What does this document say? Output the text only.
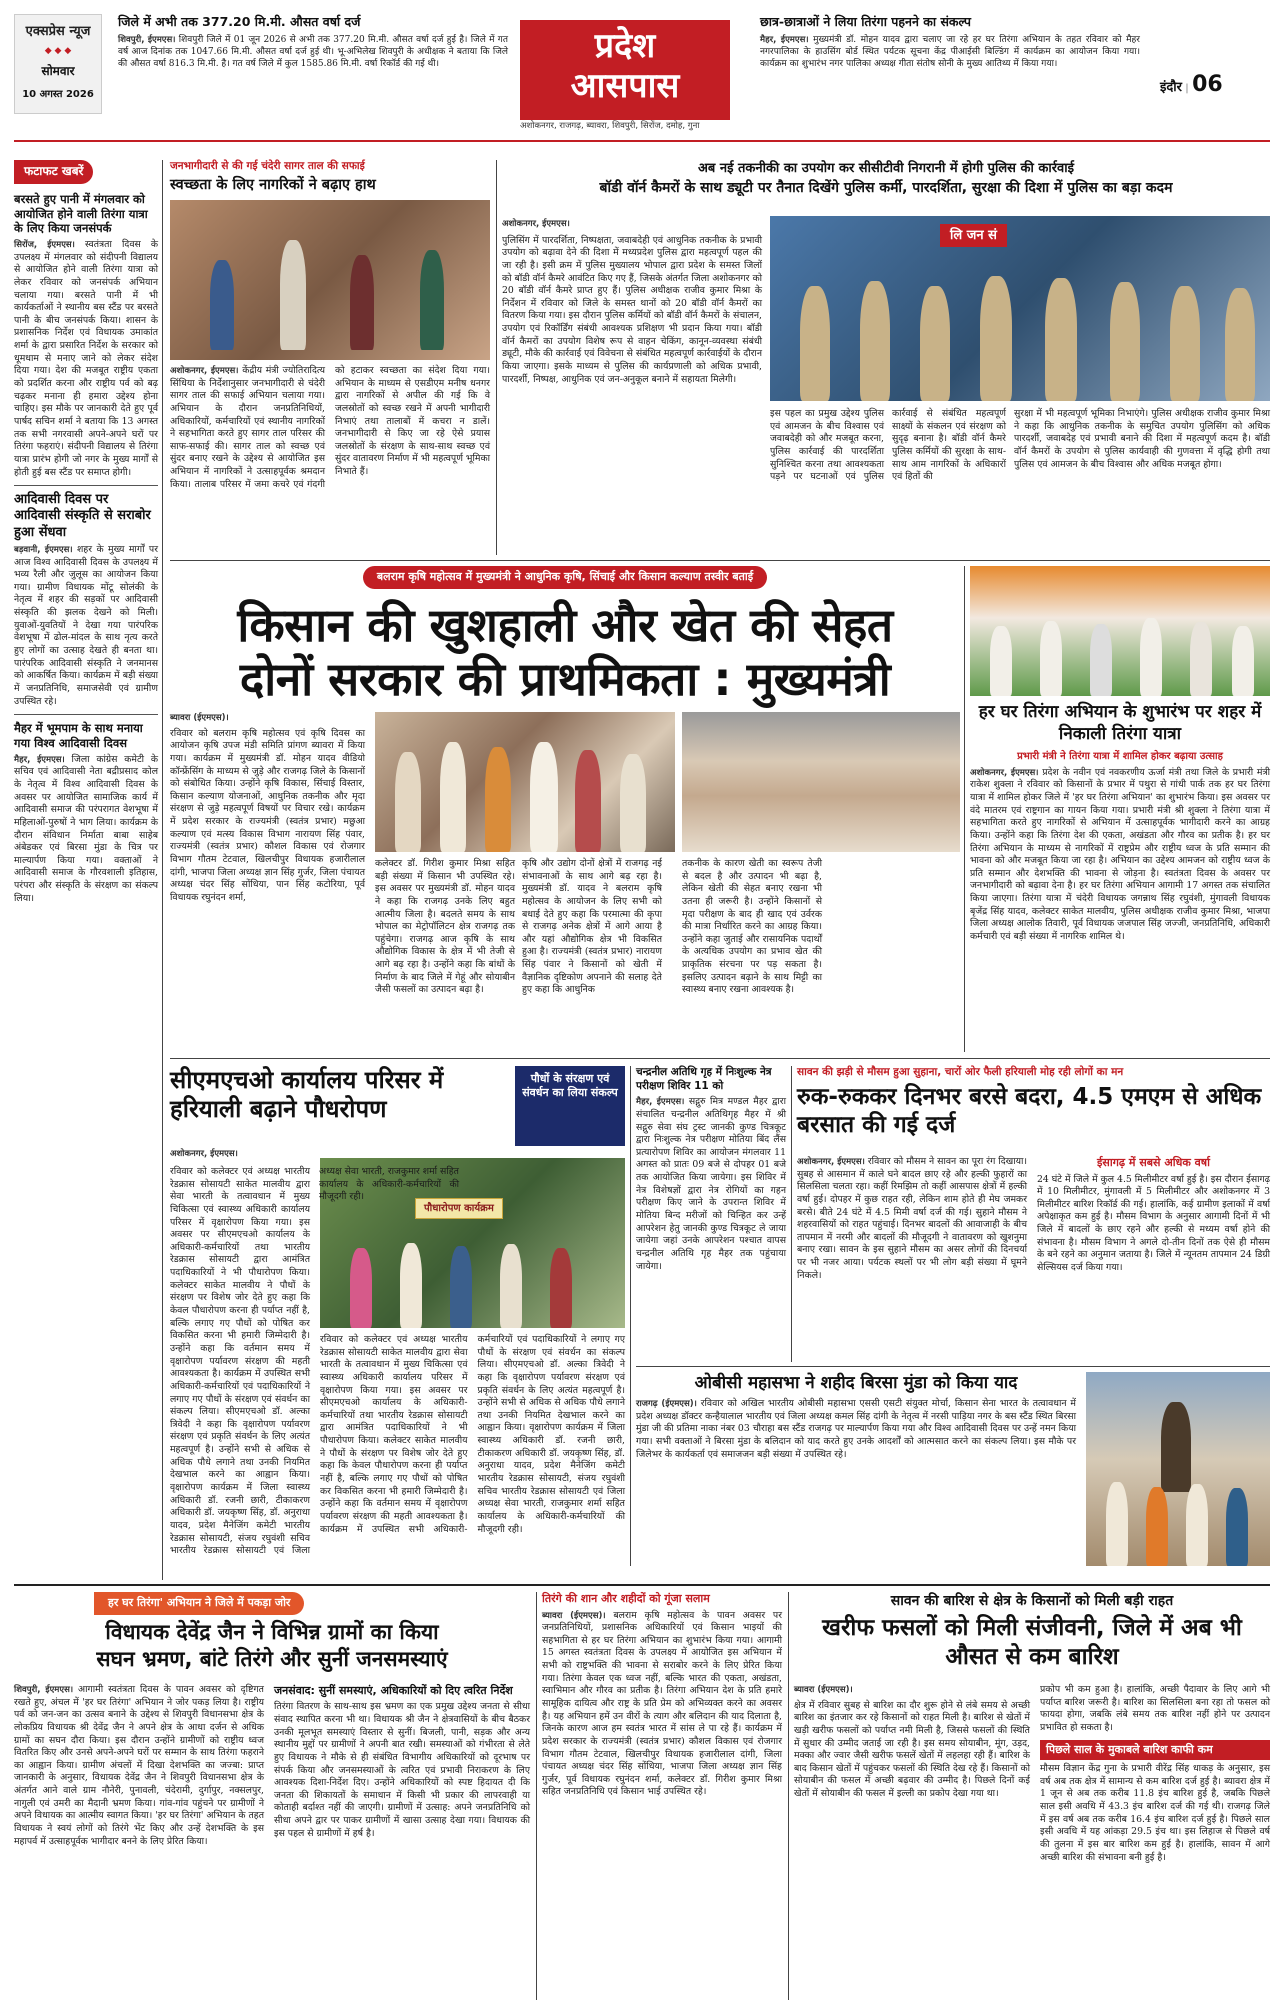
एक्सप्रेस न्यूज
◆ ◆ ◆
सोमवार
10 अगस्त 2026
जिले में अभी तक 377.20 मि.मी. औसत वर्षा दर्ज
शिवपुरी, ईएमएस। शिवपुरी जिले में 01 जून 2026 से अभी तक 377.20 मि.मी. औसत वर्षा दर्ज हुई है। जिले में गत वर्ष आज दिनांक तक 1047.66 मि.मी. औसत वर्षा दर्ज हुई थी। भू-अभिलेख शिवपुरी के अधीक्षक ने बताया कि जिले की औसत वर्षा 816.3 मि.मी. है। गत वर्ष जिले में कुल 1585.86 मि.मी. वर्षा रिकॉर्ड की गई थी।	प्रदेश
आसपास
अशोकनगर, राजगढ़, ब्यावरा, शिवपुरी, सिरोंज, दमोह, गुना
छात्र-छात्राओं ने लिया तिरंगा पहनने का संकल्प
मैहर, ईएमएस। मुख्यमंत्री डॉ. मोहन यादव द्वारा चलाए जा रहे हर घर तिरंगा अभियान के तहत रविवार को मैहर नगरपालिका के हाउसिंग बोर्ड स्थित पर्यटक सूचना केंद्र पीआईसी बिल्डिंग में कार्यक्रम का आयोजन किया गया। कार्यक्रम का शुभारंभ नगर पालिका अध्यक्ष गीता संतोष सोनी के मुख्य आतिथ्य में किया गया।
इंदौर | 06
फटाफट खबरें
बरसते हुए पानी में मंगलवार को आयोजित होने वाली तिरंगा यात्रा के लिए किया जनसंपर्क
सिरोंज, ईएमएस। स्वतंत्रता दिवस के उपलक्ष्य में मंगलवार को संदीपनी विद्यालय से आयोजित होने वाली तिरंगा यात्रा को लेकर रविवार को जनसंपर्क अभियान चलाया गया। बरसते पानी में भी कार्यकर्ताओं ने स्थानीय बस स्टैंड पर बरसते पानी के बीच जनसंपर्क किया। शासन के प्रशासनिक निर्देश एवं विधायक उमाकांत शर्मा के द्वारा प्रसारित निर्देश के सरकार को धूमधाम से मनाए जाने को लेकर संदेश दिया गया। देश की मजबूत राष्ट्रीय एकता को प्रदर्शित करना और राष्ट्रीय पर्व को बढ़ चढ़कर मनाना ही हमारा उद्देश्य होना चाहिए। इस मौके पर जानकारी देते हुए पूर्व पार्षद सचिन शर्मा ने बताया कि 13 अगस्त तक सभी नगरवासी अपने-अपने घरों पर तिरंगा फहराएं। संदीपनी विद्यालय से तिरंगा यात्रा प्रारंभ होगी जो नगर के मुख्य मार्गों से होती हुई बस स्टैंड पर समाप्त होगी।
आदिवासी दिवस पर आदिवासी संस्कृति से सराबोर हुआ सेंधवा
बड़वानी, ईएमएस। शहर के मुख्य मार्गों पर आज विश्व आदिवासी दिवस के उपलक्ष्य में भव्य रैली और जुलूस का आयोजन किया गया। ग्रामीण विधायक मोंटू सोलंकी के नेतृत्व में शहर की सड़कों पर आदिवासी संस्कृति की झलक देखने को मिली। युवाओं-युवतियों ने देखा गया पारंपरिक वेशभूषा में ढोल-मांदल के साथ नृत्य करते हुए लोगों का उत्साह देखते ही बनता था। पारंपरिक आदिवासी संस्कृति ने जनमानस को आकर्षित किया। कार्यक्रम में बड़ी संख्या में जनप्रतिनिधि, समाजसेवी एवं ग्रामीण उपस्थित रहे।
मैहर में भूमपाम के साथ मनाया गया विश्व आदिवासी दिवस
मैहर, ईएमएस। जिला कांग्रेस कमेटी के सचिव एवं आदिवासी नेता बद्रीप्रसाद कोल के नेतृत्व में विश्व आदिवासी दिवस के अवसर पर आयोजित सामाजिक कार्य में आदिवासी समाज की परंपरागत वेशभूषा में महिलाओं-पुरुषों ने भाग लिया। कार्यक्रम के दौरान संविधान निर्माता बाबा साहेब अंबेडकर एवं बिरसा मुंडा के चित्र पर माल्यार्पण किया गया। वक्ताओं ने आदिवासी समाज के गौरवशाली इतिहास, परंपरा और संस्कृति के संरक्षण का संकल्प लिया।
जनभागीदारी से की गई चंदेरी सागर ताल की सफाई
स्वच्छता के लिए नागरिकों ने बढ़ाए हाथ
अशोकनगर, ईएमएस। केंद्रीय मंत्री ज्योतिरादित्य सिंधिया के निर्देशानुसार जनभागीदारी से चंदेरी सागर ताल की सफाई अभियान चलाया गया। अभियान के दौरान जनप्रतिनिधियों, अधिकारियों, कर्मचारियों एवं स्थानीय नागरिकों ने सहभागिता करते हुए सागर ताल परिसर की साफ-सफाई की। सागर ताल को स्वच्छ एवं सुंदर बनाए रखने के उद्देश्य से आयोजित इस अभियान में नागरिकों ने उत्साहपूर्वक श्रमदान किया। तालाब परिसर में जमा कचरे एवं गंदगी को हटाकर स्वच्छता का संदेश दिया गया। अभियान के माध्यम से एसडीएम मनीष धनगर द्वारा नागरिकों से अपील की गई कि वे जलस्रोतों को स्वच्छ रखने में अपनी भागीदारी निभाएं तथा तालाबों में कचरा न डालें। जनभागीदारी से किए जा रहे ऐसे प्रयास जलस्रोतों के संरक्षण के साथ-साथ स्वच्छ एवं सुंदर वातावरण निर्माण में भी महत्वपूर्ण भूमिका निभाते हैं।
अब नई तकनीकी का उपयोग कर सीसीटीवी निगरानी में होगी पुलिस की कार्रवाई
बॉडी वॉर्न कैमरों के साथ ड्यूटी पर तैनात दिखेंगे पुलिस कर्मी, पारदर्शिता, सुरक्षा की दिशा में पुलिस का बड़ा कदम
अशोकनगर, ईएमएस।
पुलिसिंग में पारदर्शिता, निष्पक्षता, जवाबदेही एवं आधुनिक तकनीक के प्रभावी उपयोग को बढ़ावा देने की दिशा में मध्यप्रदेश पुलिस द्वारा महत्वपूर्ण पहल की जा रही है। इसी क्रम में पुलिस मुख्यालय भोपाल द्वारा प्रदेश के समस्त जिलों को बॉडी वॉर्न कैमरे आवंटित किए गए हैं, जिसके अंतर्गत जिला अशोकनगर को 20 बॉडी वॉर्न कैमरे प्राप्त हुए हैं। पुलिस अधीक्षक राजीव कुमार मिश्रा के निर्देशन में रविवार को जिले के समस्त थानों को 20 बॉडी वॉर्न कैमरों का वितरण किया गया। इस दौरान पुलिस कर्मियों को बॉडी वॉर्न कैमरों के संचालन, उपयोग एवं रिकॉर्डिंग संबंधी आवश्यक प्रशिक्षण भी प्रदान किया गया। बॉडी वॉर्न कैमरों का उपयोग विशेष रूप से वाहन चेकिंग, कानून-व्यवस्था संबंधी ड्यूटी, मौके की कार्रवाई एवं विवेचना से संबंधित महत्वपूर्ण कार्रवाईयों के दौरान किया जाएगा। इसके माध्यम से पुलिस की कार्यप्रणाली को अधिक प्रभावी, पारदर्शी, निष्पक्ष, आधुनिक एवं जन-अनुकूल बनाने में सहायता मिलेगी।
लि जन सं
इस पहल का प्रमुख उद्देश्य पुलिस एवं आमजन के बीच विश्वास एवं जवाबदेही को और मजबूत करना, पुलिस कार्रवाई की पारदर्शिता सुनिश्चित करना तथा आवश्यकता पड़ने पर घटनाओं एवं पुलिस कार्रवाई से संबंधित महत्वपूर्ण साक्ष्यों के संकलन एवं संरक्षण को सुदृढ़ बनाना है। बॉडी वॉर्न कैमरे पुलिस कर्मियों की सुरक्षा के साथ-साथ आम नागरिकों के अधिकारों एवं हितों की
सुरक्षा में भी महत्वपूर्ण भूमिका निभाएंगे। पुलिस अधीक्षक राजीव कुमार मिश्रा ने कहा कि आधुनिक तकनीक के समुचित उपयोग पुलिसिंग को अधिक पारदर्शी, जवाबदेह एवं प्रभावी बनाने की दिशा में महत्वपूर्ण कदम है। बॉडी वॉर्न कैमरों के उपयोग से पुलिस कार्यवाही की गुणवत्ता में वृद्धि होगी तथा पुलिस एवं आमजन के बीच विश्वास और अधिक मजबूत होगा।
बलराम कृषि महोत्सव में मुख्यमंत्री ने आधुनिक कृषि, सिंचाई और किसान कल्याण तस्वीर बताई
किसान की खुशहाली और खेत की सेहत
दोनों सरकार की प्राथमिकता : मुख्यमंत्री
ब्यावरा (ईएमएस)।
रविवार को बलराम कृषि महोत्सव एवं कृषि दिवस का आयोजन कृषि उपज मंडी समिति प्रांगण ब्यावरा में किया गया। कार्यक्रम में मुख्यमंत्री डॉ. मोहन यादव वीडियो कॉन्फ्रेंसिंग के माध्यम से जुड़े और राजगढ़ जिले के किसानों को संबोधित किया। उन्होंने कृषि विकास, सिंचाई विस्तार, किसान कल्याण योजनाओं, आधुनिक तकनीक और मृदा संरक्षण से जुड़े महत्वपूर्ण विषयों पर विचार रखे। कार्यक्रम में प्रदेश सरकार के राज्यमंत्री (स्वतंत्र प्रभार) मछुआ कल्याण एवं मत्स्य विकास विभाग नारायण सिंह पंवार, राज्यमंत्री (स्वतंत्र प्रभार) कौशल विकास एवं रोजगार विभाग गौतम टेटवाल, खिलचीपुर विधायक हजारीलाल दांगी, भाजपा जिला अध्यक्ष ज्ञान सिंह गुर्जर, जिला पंचायत अध्यक्ष चंदर सिंह सोंधिया, पान सिंह कटोरिया, पूर्व विधायक रघुनंदन शर्मा,
कलेक्टर डॉ. गिरीश कुमार मिश्रा सहित बड़ी संख्या में किसान भी उपस्थित रहे। इस अवसर पर मुख्यमंत्री डॉ. मोहन यादव ने कहा कि राजगढ़ उनके लिए बहुत आत्मीय जिला है। बदलते समय के साथ भोपाल का मेट्रोपॉलिटन क्षेत्र राजगढ़ तक पहुंचेगा। राजगढ़ आज कृषि के साथ औद्योगिक विकास के क्षेत्र में भी तेजी से आगे बढ़ रहा है। उन्होंने कहा कि बांधों के निर्माण के बाद जिले में गेहूं और सोयाबीन जैसी फसलों का उत्पादन बढ़ा है।
कृषि और उद्योग दोनों क्षेत्रों में राजगढ़ नई संभावनाओं के साथ आगे बढ़ रहा है। मुख्यमंत्री डॉ. यादव ने बलराम कृषि महोत्सव के आयोजन के लिए सभी को बधाई देते हुए कहा कि परमात्मा की कृपा से राजगढ़ अनेक क्षेत्रों में आगे आया है और यहां औद्योगिक क्षेत्र भी विकसित हुआ है। राज्यमंत्री (स्वतंत्र प्रभार) नारायण सिंह पंवार ने किसानों को खेती में वैज्ञानिक दृष्टिकोण अपनाने की सलाह देते हुए कहा कि आधुनिक
तकनीक के कारण खेती का स्वरूप तेजी से बदल है और उत्पादन भी बढ़ा है, लेकिन खेती की सेहत बनाए रखना भी उतना ही जरूरी है। उन्होंने किसानों से मृदा परीक्षण के बाद ही खाद एवं उर्वरक की मात्रा निर्धारित करने का आग्रह किया। उन्होंने कहा जुताई और रासायनिक पदार्थों के अत्यधिक उपयोग का प्रभाव खेत की प्राकृतिक संरचना पर पड़ सकता है। इसलिए उत्पादन बढ़ाने के साथ मिट्टी का स्वास्थ्य बनाए रखना आवश्यक है।
हर घर तिरंगा अभियान के शुभारंभ पर शहर में निकाली तिरंगा यात्रा
प्रभारी मंत्री ने तिरंगा यात्रा में शामिल होकर बढ़ाया उत्साह
अशोकनगर, ईएमएस। प्रदेश के नवीन एवं नवकरणीय ऊर्जा मंत्री तथा जिले के प्रभारी मंत्री राकेश शुक्ला ने रविवार को किसानों के प्रभार में पथुरा से गांधी पार्क तक हर घर तिरंगा यात्रा में शामिल होकर जिले में 'हर घर तिरंगा अभियान' का शुभारंभ किया। इस अवसर पर वंदे मातरम एवं राष्ट्रगान का गायन किया गया। प्रभारी मंत्री श्री शुक्ला ने तिरंगा यात्रा में सहभागिता करते हुए नागरिकों से अभियान में उत्साहपूर्वक भागीदारी करने का आग्रह किया। उन्होंने कहा कि तिरंगा देश की एकता, अखंडता और गौरव का प्रतीक है। हर घर तिरंगा अभियान के माध्यम से नागरिकों में राष्ट्रप्रेम और राष्ट्रीय ध्वज के प्रति सम्मान की भावना को और मजबूत किया जा रहा है। अभियान का उद्देश्य आमजन को राष्ट्रीय ध्वज के प्रति सम्मान और देशभक्ति की भावना से जोड़ना है। स्वतंत्रता दिवस के अवसर पर जनभागीदारी को बढ़ावा देना है। हर घर तिरंगा अभियान आगामी 17 अगस्त तक संचालित किया जाएगा। तिरंगा यात्रा में चंदेरी विधायक जगन्नाथ सिंह रघुवंशी, मुंगावली विधायक बृजेंद्र सिंह यादव, कलेक्टर साकेत मालवीय, पुलिस अधीक्षक राजीव कुमार मिश्रा, भाजपा जिला अध्यक्ष आलोक तिवारी, पूर्व विधायक जजपाल सिंह जज्जी, जनप्रतिनिधि, अधिकारी कर्मचारी एवं बड़ी संख्या में नागरिक शामिल थे।
सीएमएचओ कार्यालय परिसर में हरियाली बढ़ाने पौधरोपण
पौधों के संरक्षण एवं संवर्धन का लिया संकल्प
अशोकनगर, ईएमएस।
पौधारोपण कार्यक्रम
रविवार को कलेक्टर एवं अध्यक्ष भारतीय रेडक्रास सोसायटी साकेत मालवीय द्वारा सेवा भारती के तत्वावधान में मुख्य चिकित्सा एवं स्वास्थ्य अधिकारी कार्यालय परिसर में वृक्षारोपण किया गया। इस अवसर पर सीएमएचओ कार्यालय के अधिकारी-कर्मचारियों तथा भारतीय रेडक्रास सोसायटी द्वारा आमंत्रित पदाधिकारियों ने भी पौधारोपण किया। कलेक्टर साकेत मालवीय ने पौधों के संरक्षण पर विशेष जोर देते हुए कहा कि केवल पौधारोपण करना ही पर्याप्त नहीं है, बल्कि लगाए गए पौधों को पोषित कर विकसित करना भी हमारी जिम्मेदारी है। उन्होंने कहा कि वर्तमान समय में वृक्षारोपण पर्यावरण संरक्षण की महती आवश्यकता है। कार्यक्रम में उपस्थित सभी अधिकारी-कर्मचारियों एवं पदाधिकारियों ने लगाए गए पौधों के संरक्षण एवं संवर्धन का संकल्प लिया। सीएमएचओ डॉ. अल्का त्रिवेदी ने कहा कि वृक्षारोपण पर्यावरण संरक्षण एवं प्रकृति संवर्धन के लिए अत्यंत महत्वपूर्ण है। उन्होंने सभी से अधिक से अधिक पौधे लगाने तथा उनकी नियमित देखभाल करने का आह्वान किया। वृक्षारोपण कार्यक्रम में जिला स्वास्थ्य अधिकारी डॉ. रजनी छारी, टीकाकरण अधिकारी डॉ. जयकृष्ण सिंह, डॉ. अनुराधा यादव, प्रदेश मैनेजिंग कमेटी भारतीय रेडक्रास सोसायटी, संजय रघुवंशी सचिव भारतीय रेडक्रास सोसायटी एवं जिला
रविवार को कलेक्टर एवं अध्यक्ष भारतीय रेडक्रास सोसायटी साकेत मालवीय द्वारा सेवा भारती के तत्वावधान में मुख्य चिकित्सा एवं स्वास्थ्य अधिकारी कार्यालय परिसर में वृक्षारोपण किया गया। इस अवसर पर सीएमएचओ कार्यालय के अधिकारी-कर्मचारियों तथा भारतीय रेडक्रास सोसायटी द्वारा आमंत्रित पदाधिकारियों ने भी पौधारोपण किया। कलेक्टर साकेत मालवीय ने पौधों के संरक्षण पर विशेष जोर देते हुए कहा कि केवल पौधारोपण करना ही पर्याप्त नहीं है, बल्कि लगाए गए पौधों को पोषित कर विकसित करना भी हमारी जिम्मेदारी है। उन्होंने कहा कि वर्तमान समय में वृक्षारोपण पर्यावरण संरक्षण की महती आवश्यकता है। कार्यक्रम में उपस्थित सभी अधिकारी-कर्मचारियों एवं पदाधिकारियों ने लगाए गए पौधों के संरक्षण एवं संवर्धन का संकल्प लिया। सीएमएचओ डॉ. अल्का त्रिवेदी ने कहा कि वृक्षारोपण पर्यावरण संरक्षण एवं प्रकृति संवर्धन के लिए अत्यंत महत्वपूर्ण है। उन्होंने सभी से अधिक से अधिक पौधे लगाने तथा उनकी नियमित देखभाल करने का आह्वान किया। वृक्षारोपण कार्यक्रम में जिला स्वास्थ्य अधिकारी डॉ. रजनी छारी, टीकाकरण अधिकारी डॉ. जयकृष्ण सिंह, डॉ. अनुराधा यादव, प्रदेश मैनेजिंग कमेटी भारतीय रेडक्रास सोसायटी, संजय रघुवंशी सचिव भारतीय रेडक्रास सोसायटी एवं जिला अध्यक्ष सेवा भारती, राजकुमार शर्मा सहित कार्यालय के अधिकारी-कर्मचारियों की मौजूदगी रही।
चन्द्रनील अतिथि गृह में निःशुल्क नेत्र परीक्षण शिविर 11 को
मैहर, ईएमएस। सद्गुरु मित्र मण्डल मैहर द्वारा संचालित चन्द्रनील अतिथिगृह मैहर में श्री सद्गुरु सेवा संघ ट्रस्ट जानकी कुण्ड चित्रकूट द्वारा निःशुल्क नेत्र परीक्षण मोतिया बिंद लैंस प्रत्यारोपण शिविर का आयोजन मंगलवार 11 अगस्त को प्रातः 09 बजे से दोपहर 01 बजे तक आयोजित किया जायेगा। इस शिविर में नेत्र विशेषज्ञों द्वारा नेत्र रोगियों का गहन परीक्षण किए जाने के उपरान्त शिविर में मोतिया बिन्द मरीजों को चिन्हित कर उन्हें आपरेशन हेतु जानकी कुण्ड चित्रकूट ले जाया जायेगा जहां उनके आपरेशन पश्चात वापस चन्द्रनील अतिथि गृह मैहर तक पहुंचाया जायेगा।
सावन की झड़ी से मौसम हुआ सुहाना, चारों ओर फैली हरियाली मोह रही लोगों का मन
रुक-रुककर दिनभर बरसे बदरा, 4.5 एमएम से अधिक बरसात की गई दर्ज
अशोकनगर, ईएमएस। रविवार को मौसम ने सावन का पूरा रंग दिखाया। सुबह से आसमान में काले घने बादल छाए रहे और हल्की फुहारों का सिलसिला चलता रहा। कहीं रिमझिम तो कहीं आसपास क्षेत्रों में हल्की वर्षा हुई। दोपहर में कुछ राहत रही, लेकिन शाम होते ही मेघ जमकर बरसे। बीते 24 घंटे में 4.5 मिमी वर्षा दर्ज की गई। सुहाने मौसम ने शहरवासियों को राहत पहुंचाई। दिनभर बादलों की आवाजाही के बीच तापमान में नरमी और बादलों की मौजूदगी ने वातावरण को खुशनुमा बनाए रखा। सावन के इस सुहाने मौसम का असर लोगों की दिनचर्या पर भी नजर आया। पर्यटक स्थलों पर भी लोग बड़ी संख्या में घूमने निकले।
ईसागढ़ में सबसे अधिक वर्षा
24 घंटे में जिले में कुल 4.5 मिलीमीटर वर्षा हुई है। इस दौरान ईसागढ़ में 10 मिलीमीटर, मुंगावली में 5 मिलीमीटर और अशोकनगर में 3 मिलीमीटर बारिश रिकॉर्ड की गई। हालांकि, कई ग्रामीण इलाकों में वर्षा अपेक्षाकृत कम हुई है। मौसम विभाग के अनुसार आगामी दिनों में भी जिले में बादलों के छाए रहने और हल्की से मध्यम वर्षा होने की संभावना है। मौसम विभाग ने अगले दो-तीन दिनों तक ऐसे ही मौसम के बने रहने का अनुमान जताया है। जिले में न्यूनतम तापमान 24 डिग्री सेल्सियस दर्ज किया गया।
ओबीसी महासभा ने शहीद बिरसा मुंडा को किया याद
राजगढ़ (ईएमएस)। रविवार को अखिल भारतीय ओबीसी महासभा एससी एसटी संयुक्त मोर्चा, किसान सेना भारत के तत्वावधान में प्रदेश अध्यक्ष डॉक्टर कन्हैयालाल भारतीय एवं जिला अध्यक्ष कमल सिंह दांगी के नेतृत्व में नरसी पाड़िया नगर के बस स्टैंड स्थित बिरसा मुंडा जी की प्रतिमा नाका नंबर 03 चौराहा बस स्टैंड राजगढ़ पर माल्यार्पण किया गया और विश्व आदिवासी दिवस पर उन्हें नमन किया गया। सभी वक्ताओं ने बिरसा मुंडा के बलिदान को याद करते हुए उनके आदर्शों को आत्मसात करने का संकल्प लिया। इस मौके पर जिलेभर के कार्यकर्ता एवं समाजजन बड़ी संख्या में उपस्थित रहे।
हर घर तिरंगा' अभियान ने जिले में पकड़ा जोर
विधायक देवेंद्र जैन ने विभिन्न ग्रामों का किया
सघन भ्रमण, बांटे तिरंगे और सुनीं जनसमस्याएं
शिवपुरी, ईएमएस। आगामी स्वतंत्रता दिवस के पावन अवसर को दृष्टिगत रखते हुए, अंचल में 'हर घर तिरंगा' अभियान ने जोर पकड़ लिया है। राष्ट्रीय पर्व को जन-जन का उत्सव बनाने के उद्देश्य से शिवपुरी विधानसभा क्षेत्र के लोकप्रिय विधायक श्री देवेंद्र जैन ने अपने क्षेत्र के आधा दर्जन से अधिक ग्रामों का सघन दौरा किया। इस दौरान उन्होंने ग्रामीणों को राष्ट्रीय ध्वज वितरित किए और उनसे अपने-अपने घरों पर सम्मान के साथ तिरंगा फहराने का आह्वान किया। ग्रामीण अंचलों में दिखा देशभक्ति का जज्बा: प्राप्त जानकारी के अनुसार, विधायक देवेंद्र जैन ने शिवपुरी विधानसभा क्षेत्र के अंतर्गत आने वाले ग्राम नौनेरी, पुनावली, चंदेरामी, दुर्गापुर, नक्सलपुर, नागुली एवं उमरी का मैदानी भ्रमण किया। गांव-गांव पहुंचने पर ग्रामीणों ने अपने विधायक का आत्मीय स्वागत किया। 'हर घर तिरंगा' अभियान के तहत विधायक ने स्वयं लोगों को तिरंगे भेंट किए और उन्हें देशभक्ति के इस महापर्व में उत्साहपूर्वक भागीदार बनने के लिए प्रेरित किया।
जनसंवाद: सुनीं समस्याएं, अधिकारियों को दिए त्वरित निर्देश
तिरंगा वितरण के साथ-साथ इस भ्रमण का एक प्रमुख उद्देश्य जनता से सीधा संवाद स्थापित करना भी था। विधायक श्री जैन ने क्षेत्रवासियों के बीच बैठकर उनकी मूलभूत समस्याएं विस्तार से सुनीं। बिजली, पानी, सड़क और अन्य स्थानीय मुद्दों पर ग्रामीणों ने अपनी बात रखी। समस्याओं को गंभीरता से लेते हुए विधायक ने मौके से ही संबंधित विभागीय अधिकारियों को दूरभाष पर संपर्क किया और जनसमस्याओं के त्वरित एवं प्रभावी निराकरण के लिए आवश्यक दिशा-निर्देश दिए। उन्होंने अधिकारियों को स्पष्ट हिदायत दी कि जनता की शिकायतों के समाधान में किसी भी प्रकार की लापरवाही या कोताही बर्दाश्त नहीं की जाएगी। ग्रामीणों में उत्साह: अपने जनप्रतिनिधि को सीधा अपने द्वार पर पाकर ग्रामीणों में खासा उत्साह देखा गया। विधायक की इस पहल से ग्रामीणों में हर्ष है।
तिरंगे की शान और शहीदों को गूंजा सलाम
ब्यावरा (ईएमएस)। बलराम कृषि महोत्सव के पावन अवसर पर जनप्रतिनिधियों, प्रशासनिक अधिकारियों एवं किसान भाइयों की सहभागिता से हर घर तिरंगा अभियान का शुभारंभ किया गया। आगामी 15 अगस्त स्वतंत्रता दिवस के उपलक्ष्य में आयोजित इस अभियान में सभी को राष्ट्रभक्ति की भावना से सराबोर करने के लिए प्रेरित किया गया। तिरंगा केवल एक ध्वज नहीं, बल्कि भारत की एकता, अखंडता, स्वाभिमान और गौरव का प्रतीक है। तिरंगा अभियान देश के प्रति हमारे सामूहिक दायित्व और राष्ट्र के प्रति प्रेम को अभिव्यक्त करने का अवसर है। यह अभियान हमें उन वीरों के त्याग और बलिदान की याद दिलाता है, जिनके कारण आज हम स्वतंत्र भारत में सांस ले पा रहे हैं। कार्यक्रम में प्रदेश सरकार के राज्यमंत्री (स्वतंत्र प्रभार) कौशल विकास एवं रोजगार विभाग गौतम टेटवाल, खिलचीपुर विधायक हजारीलाल दांगी, जिला पंचायत अध्यक्ष चंदर सिंह सोंधिया, भाजपा जिला अध्यक्ष ज्ञान सिंह गुर्जर, पूर्व विधायक रघुनंदन शर्मा, कलेक्टर डॉ. गिरीश कुमार मिश्रा सहित जनप्रतिनिधि एवं किसान भाई उपस्थित रहे।
सावन की बारिश से क्षेत्र के किसानों को मिली बड़ी राहत
खरीफ फसलों को मिली संजीवनी, जिले में अब भी औसत से कम बारिश
ब्यावरा (ईएमएस)।
क्षेत्र में रविवार सुबह से बारिश का दौर शुरू होने से लंबे समय से अच्छी बारिश का इंतजार कर रहे किसानों को राहत मिली है। बारिश से खेतों में खड़ी खरीफ फसलों को पर्याप्त नमी मिली है, जिससे फसलों की स्थिति में सुधार की उम्मीद जताई जा रही है। इस समय सोयाबीन, मूंग, उड़द, मक्का और ज्वार जैसी खरीफ फसलें खेतों में लहलहा रही हैं। बारिश के बाद किसान खेतों में पहुंचकर फसलों की स्थिति देख रहे हैं। किसानों को सोयाबीन की फसल में अच्छी बढ़वार की उम्मीद है। पिछले दिनों कई खेतों में सोयाबीन की फसल में इल्ली का प्रकोप देखा गया था।
प्रकोप भी कम हुआ है। हालांकि, अच्छी पैदावार के लिए आगे भी पर्याप्त बारिश जरूरी है। बारिश का सिलसिला बना रहा तो फसल को फायदा होगा, जबकि लंबे समय तक बारिश नहीं होने पर उत्पादन प्रभावित हो सकता है।
पिछले साल के मुकाबले बारिश काफी कम
मौसम विज्ञान केंद्र गुना के प्रभारी वीरेंद्र सिंह धाकड़ के अनुसार, इस वर्ष अब तक क्षेत्र में सामान्य से कम बारिश दर्ज हुई है। ब्यावरा क्षेत्र में 1 जून से अब तक करीब 11.8 इंच बारिश हुई है, जबकि पिछले साल इसी अवधि में 43.3 इंच बारिश दर्ज की गई थी। राजगढ़ जिले में इस वर्ष अब तक करीब 16.4 इंच बारिश दर्ज हुई है। पिछले साल इसी अवधि में यह आंकड़ा 29.5 इंच था। इस लिहाज से पिछले वर्ष की तुलना में इस बार बारिश कम हुई है। हालांकि, सावन में आगे अच्छी बारिश की संभावना बनी हुई है।
